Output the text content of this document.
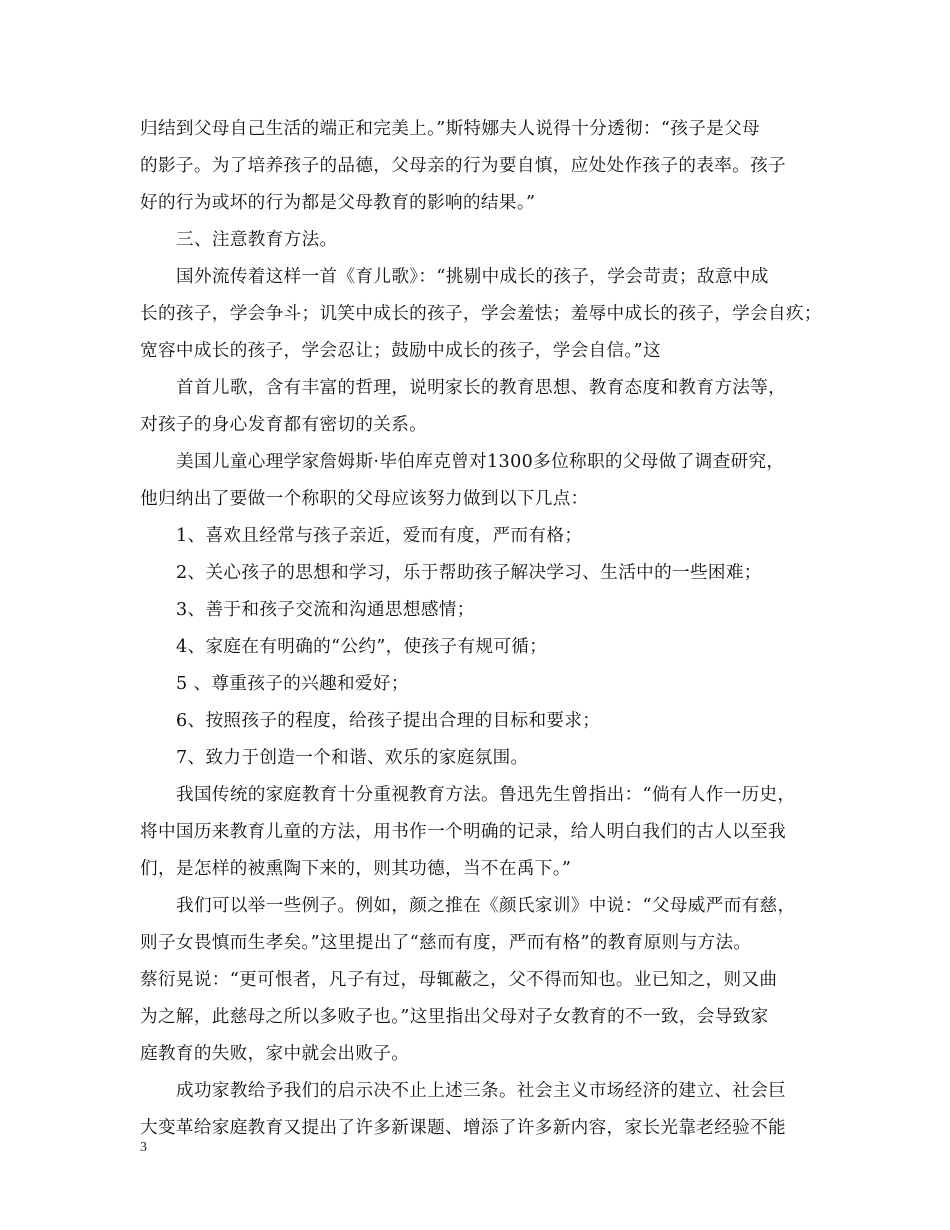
归结到父母自己生活的端正和完美上。”斯特娜夫人说得十分透彻：“孩子是父母
的影子。为了培养孩子的品德，父母亲的行为要自慎，应处处作孩子的表率。孩子
好的行为或坏的行为都是父母教育的影响的结果。”
三、注意教育方法。
国外流传着这样一首《育儿歌》：“挑剔中成长的孩子，学会苛责；敌意中成
长的孩子，学会争斗；讥笑中成长的孩子，学会羞怯；羞辱中成长的孩子，学会自疚；
宽容中成长的孩子，学会忍让；鼓励中成长的孩子，学会自信。”这
首首儿歌，含有丰富的哲理，说明家长的教育思想、教育态度和教育方法等，
对孩子的身心发育都有密切的关系。
美国儿童心理学家詹姆斯·毕伯库克曾对1300多位称职的父母做了调查研究，
他归纳出了要做一个称职的父母应该努力做到以下几点：
1、喜欢且经常与孩子亲近，爱而有度，严而有格；
2、关心孩子的思想和学习，乐于帮助孩子解决学习、生活中的一些困难；
3、善于和孩子交流和沟通思想感情；
4、家庭在有明确的“公约”，使孩子有规可循；
5 、尊重孩子的兴趣和爱好；
6、按照孩子的程度，给孩子提出合理的目标和要求；
7、致力于创造一个和谐、欢乐的家庭氛围。
我国传统的家庭教育十分重视教育方法。鲁迅先生曾指出：“倘有人作一历史，
将中国历来教育儿童的方法，用书作一个明确的记录，给人明白我们的古人以至我
们，是怎样的被熏陶下来的，则其功德，当不在禹下。”
我们可以举一些例子。例如，颜之推在《颜氏家训》中说：“父母威严而有慈，
则子女畏慎而生孝矣。”这里提出了“慈而有度，严而有格”的教育原则与方法。
蔡衍晃说：“更可恨者，凡子有过，母辄蔽之，父不得而知也。业已知之，则又曲
为之解，此慈母之所以多败子也。”这里指出父母对子女教育的不一致，会导致家
庭教育的失败，家中就会出败子。
成功家教给予我们的启示决不止上述三条。社会主义市场经济的建立、社会巨
大变革给家庭教育又提出了许多新课题、增添了许多新内容，家长光靠老经验不能
3
